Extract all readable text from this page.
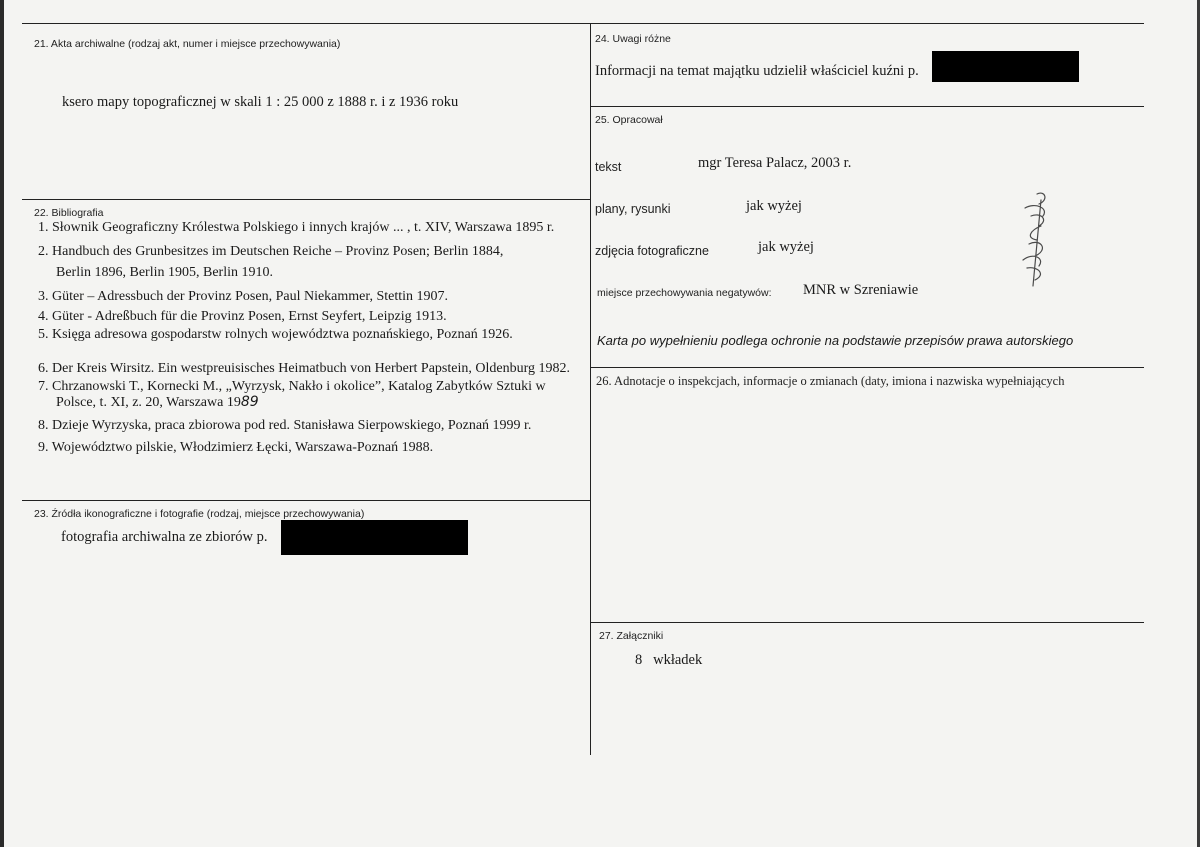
21. Akta archiwalne (rodzaj akt, numer i miejsce przechowywania)
ksero mapy topograficznej w skali 1 : 25 000 z 1888 r. i z 1936 roku
24. Uwagi różne
Informacji na temat majątku udzielił właściciel kuźni p.
25. Opracował
tekst	mgr Teresa Palacz, 2003 r.
plany, rysunki	jak wyżej
zdjęcia fotograficzne	jak wyżej
miejsce przechowywania negatywów: MNR w Szreniawie
Karta po wypełnieniu podlega ochronie na podstawie przepisów prawa autorskiego
22. Bibliografia
1. Słownik Geograficzny Królestwa Polskiego i innych krajów ... , t. XIV, Warszawa 1895 r.
2. Handbuch des Grunbesitzes im Deutschen Reiche – Provinz Posen; Berlin 1884,
Berlin 1896, Berlin 1905, Berlin 1910.
3. Güter – Adressbuch der Provinz Posen, Paul Niekammer, Stettin 1907.
4. Güter - Adreßbuch für die Provinz Posen, Ernst Seyfert, Leipzig 1913.
5. Księga adresowa gospodarstw rolnych województwa poznańskiego, Poznań 1926.
6. Der Kreis Wirsitz. Ein westpreuisisches Heimatbuch von Herbert Papstein, Oldenburg 1982.
7. Chrzanowski T., Kornecki M., „Wyrzysk, Nakło i okolice”, Katalog Zabytków Sztuki w
Polsce, t. XI, z. 20, Warszawa 1989
8. Dzieje Wyrzyska, praca zbiorowa pod red. Stanisława Sierpowskiego, Poznań 1999 r.
9. Województwo pilskie, Włodzimierz Łęcki, Warszawa-Poznań 1988.
26. Adnotacje o inspekcjach, informacje o zmianach (daty, imiona i nazwiska wypełniających
23. Źródła ikonograficzne i fotografie (rodzaj, miejsce przechowywania)
fotografia archiwalna ze zbiorów p.
27. Załączniki
8   wkładek
